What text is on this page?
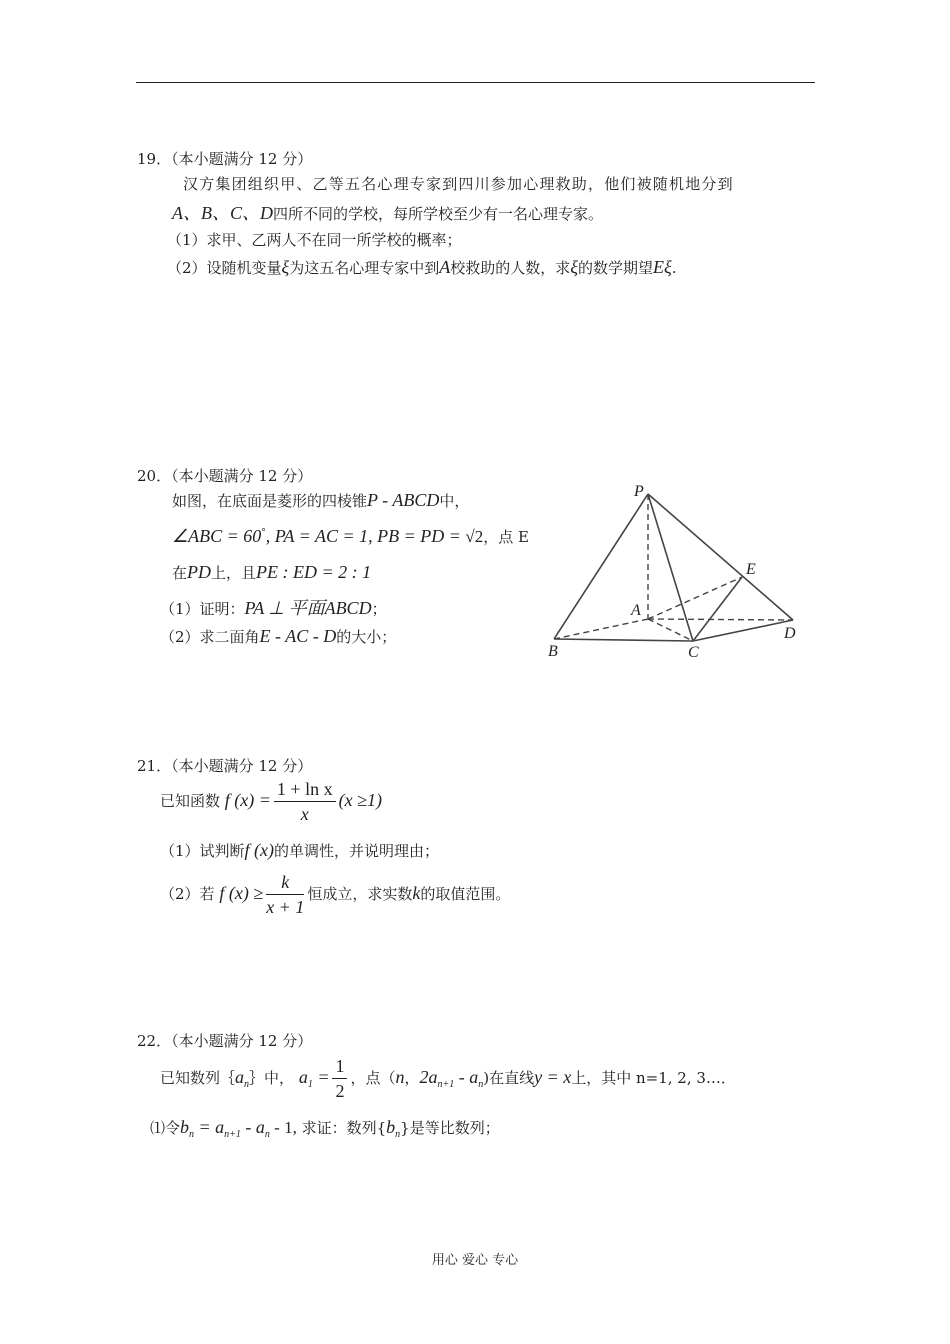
19．（本小题满分 12 分）
汉方集团组织甲、乙等五名心理专家到四川参加心理救助，他们被随机地分到
A、B、C、D四所不同的学校，每所学校至少有一名心理专家。
（1）求甲、乙两人不在同一所学校的概率；
（2）设随机变量ξ为这五名心理专家中到A校救助的人数，求ξ的数学期望Eξ.
20．（本小题满分 12 分）
如图，在底面是菱形的四棱锥P - ABCD中，
∠ABC = 60°, PA = AC = 1, PB = PD = √2，点 E
在PD上，且PE : ED = 2 : 1
（1）证明：PA ⊥ 平面ABCD；
（2）求二面角E - AC - D的大小；
P
A
B	C
D
E
21．（本小题满分 12 分）
已知函数 f $(x) = \frac{\text{1 + ln x}}{x} (x \ge 1)$
（1）试判断f (x)的单调性，并说明理由；
（2）若 f $(x) \ge \frac{k}{x + 1}$ 恒成立，求实数k的取值范围。
22．（本小题满分 12 分）
已知数列$\{a_n\}$中， $a_1 = \frac{1}{2}$ ，点（n，$2a_{n+1} - a_n$)在直线y = x上，其中 n=1, 2, 3…．
⑴令$b_n = a_{n+1} - a_n - 1$, 求证：数列$\{b_n\}$是等比数列；
用心 爱心 专心
